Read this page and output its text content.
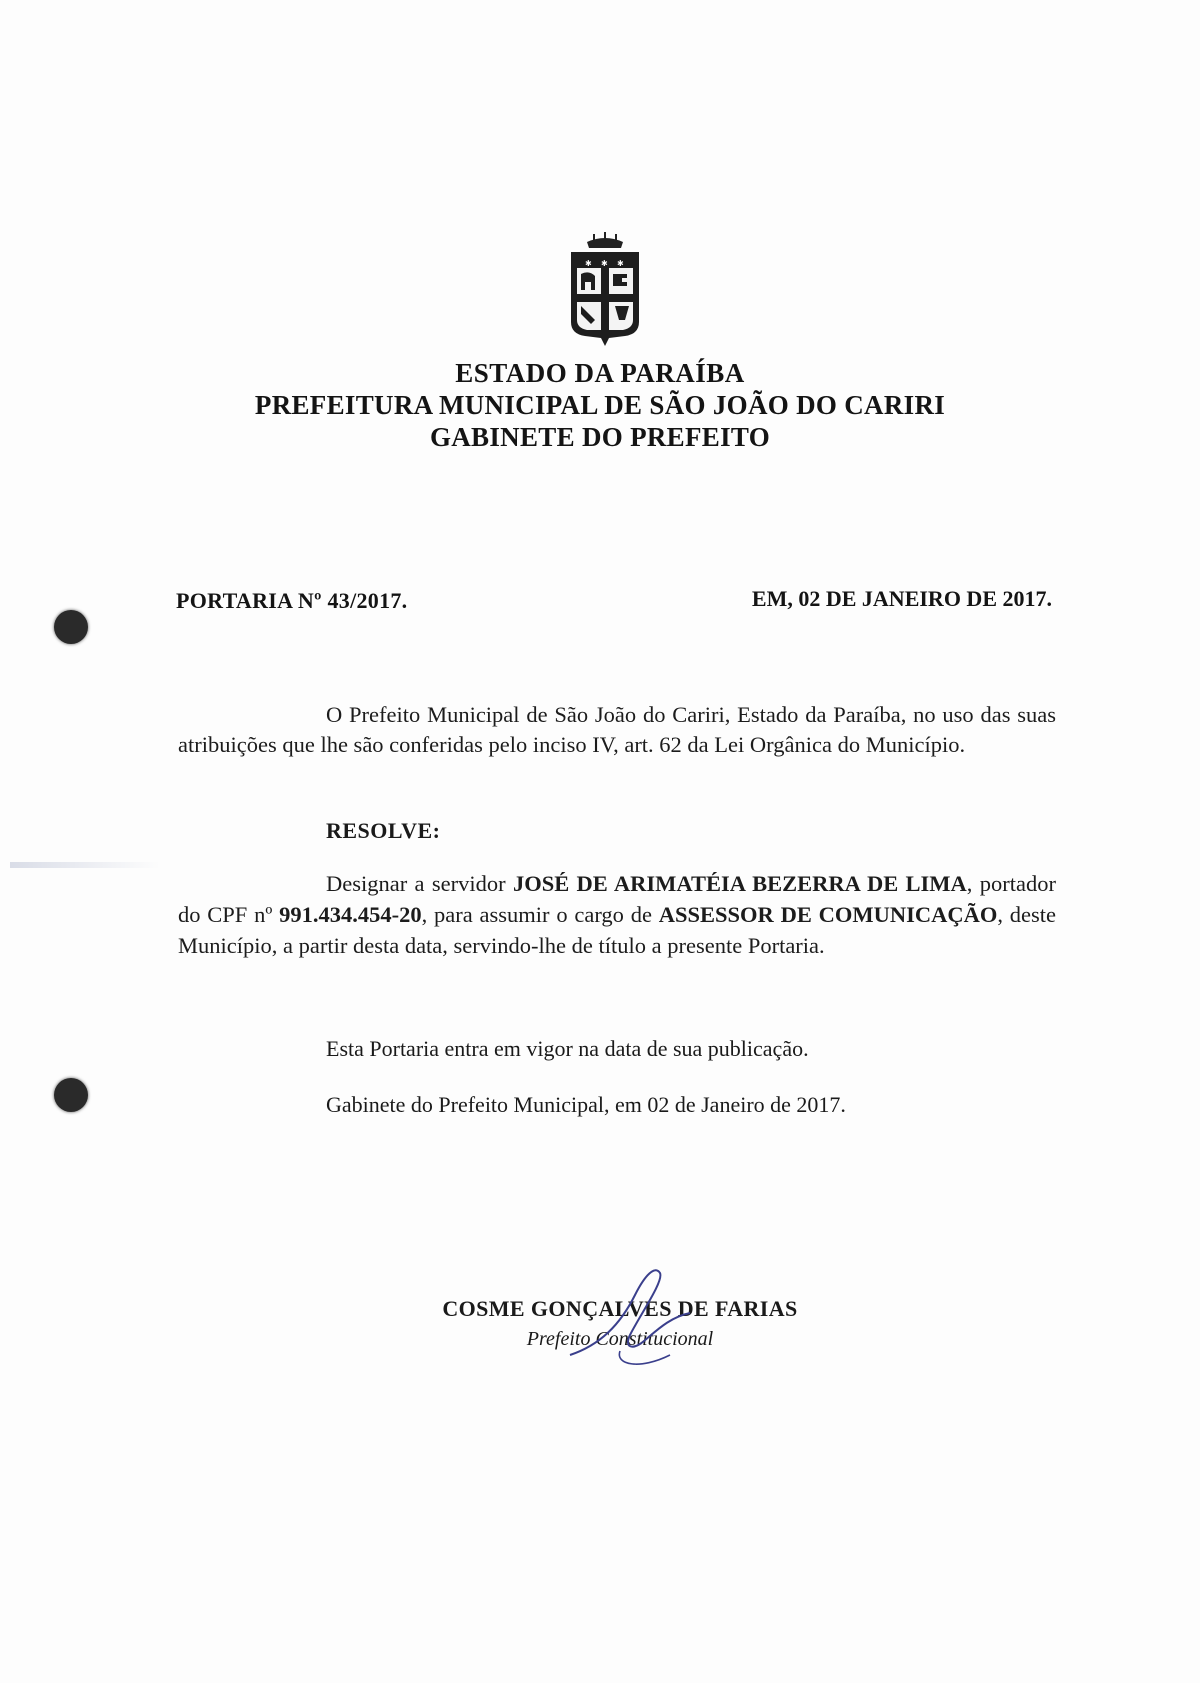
✱ ✱ ✱
ESTADO DA PARAÍBA
PREFEITURA MUNICIPAL DE SÃO JOÃO DO CARIRI
GABINETE DO PREFEITO
PORTARIA Nº 43/2017.	EM, 02 DE JANEIRO DE 2017.
O Prefeito Municipal de São João do Cariri, Estado da Paraíba, no uso das suas atribuições que lhe são conferidas pelo inciso IV, art. 62 da Lei Orgânica do Município.
RESOLVE:
Designar a servidor JOSÉ DE ARIMATÉIA BEZERRA DE LIMA, portador do CPF nº 991.434.454-20, para assumir o cargo de ASSESSOR DE COMUNICAÇÃO, deste Município, a partir desta data, servindo-lhe de título a presente Portaria.
Esta Portaria entra em vigor na data de sua publicação.
Gabinete do Prefeito Municipal, em 02 de Janeiro de 2017.
COSME GONÇALVES DE FARIAS
Prefeito Constitucional
